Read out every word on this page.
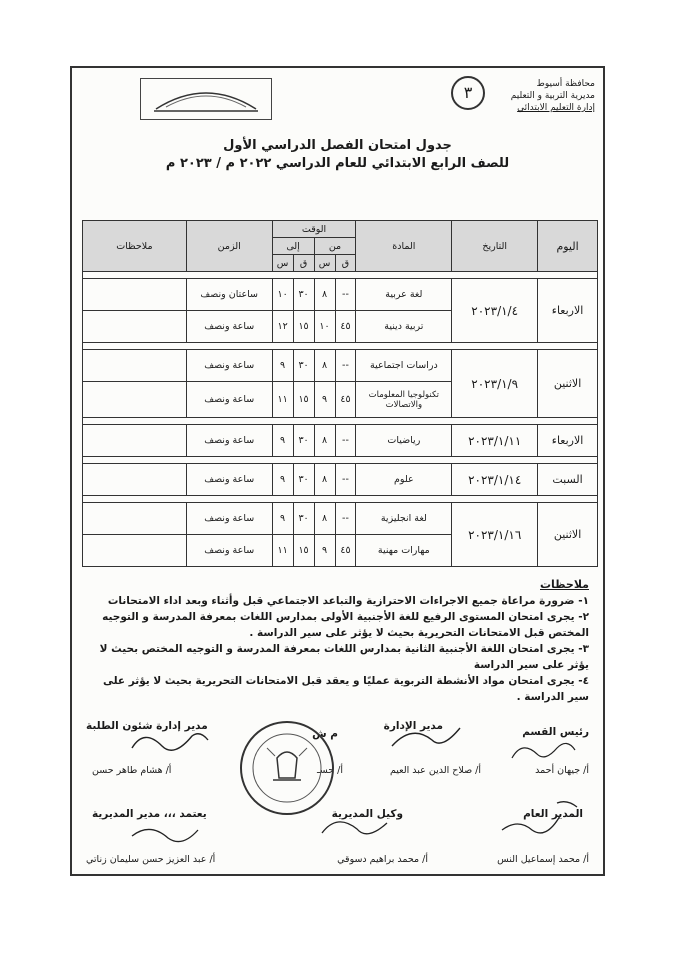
محافظة أسيوط
مديرية التربية و التعليم
إدارة التعليم الابتدائي
٣
جدول امتحان الفصل الدراسي الأول
للصف الرابع الابتدائي للعام الدراسي ٢٠٢٢ م / ٢٠٢٣ م
اليوم	التاريخ	المادة	الوقت				الزمن	ملاحظات
			من		إلى			
			ق	س	ق	س		

الاربعاء	٢٠٢٣/١/٤	لغة عربية	--	٨	٣٠	١٠	ساعتان ونصف	
		تربية دينية	٤٥	١٠	١٥	١٢	ساعة ونصف	

الاثنين	٢٠٢٣/١/٩	دراسات اجتماعية	--	٨	٣٠	٩	ساعة ونصف	
		تكنولوجيا المعلومات والاتصالات	٤٥	٩	١٥	١١	ساعة ونصف	

الاربعاء	٢٠٢٣/١/١١	رياضيات	--	٨	٣٠	٩	ساعة ونصف	

السبت	٢٠٢٣/١/١٤	علوم	--	٨	٣٠	٩	ساعة ونصف	

الاثنين	٢٠٢٣/١/١٦	لغة انجليزية	--	٨	٣٠	٩	ساعة ونصف	
		مهارات مهنية	٤٥	٩	١٥	١١	ساعة ونصف	
ملاحظات

١- ضرورة مراعاة جميع الاجراءات الاحترازية والتباعد الاجتماعي قبل وأثناء وبعد اداء الامتحانات

٢- يجرى امتحان المستوى الرفيع للغة الأجنبية الأولى بمدارس اللغات بمعرفة المدرسة و التوجيه المختص قبل الامتحانات التحريرية بحيث لا يؤثر على سير الدراسة .

٣- يجرى امتحان اللغة الأجنبية الثانية بمدارس اللغات بمعرفة المدرسة و التوجيه المختص بحيث لا يؤثر على سير الدراسة

٤- يجرى امتحان مواد الأنشطة التربوية عمليًا و يعقد قبل الامتحانات التحريرية بحيث لا يؤثر على سير الدراسة .

رئيس القسم
أ/ جيهان أحمد
مدير الإدارة
أ/ صلاح الدين عبد العيم
م ش
أ/ حسـ
مدير إدارة شئون الطلبة
أ/ هشام طاهر حسن
المدير العام
أ/ محمد إسماعيل النس
وكيل المديرية
أ/ محمد براهيم دسوقي
يعتمد ،،، مدير المديرية
أ/ عبد العزيز حسن سليمان زناتي
